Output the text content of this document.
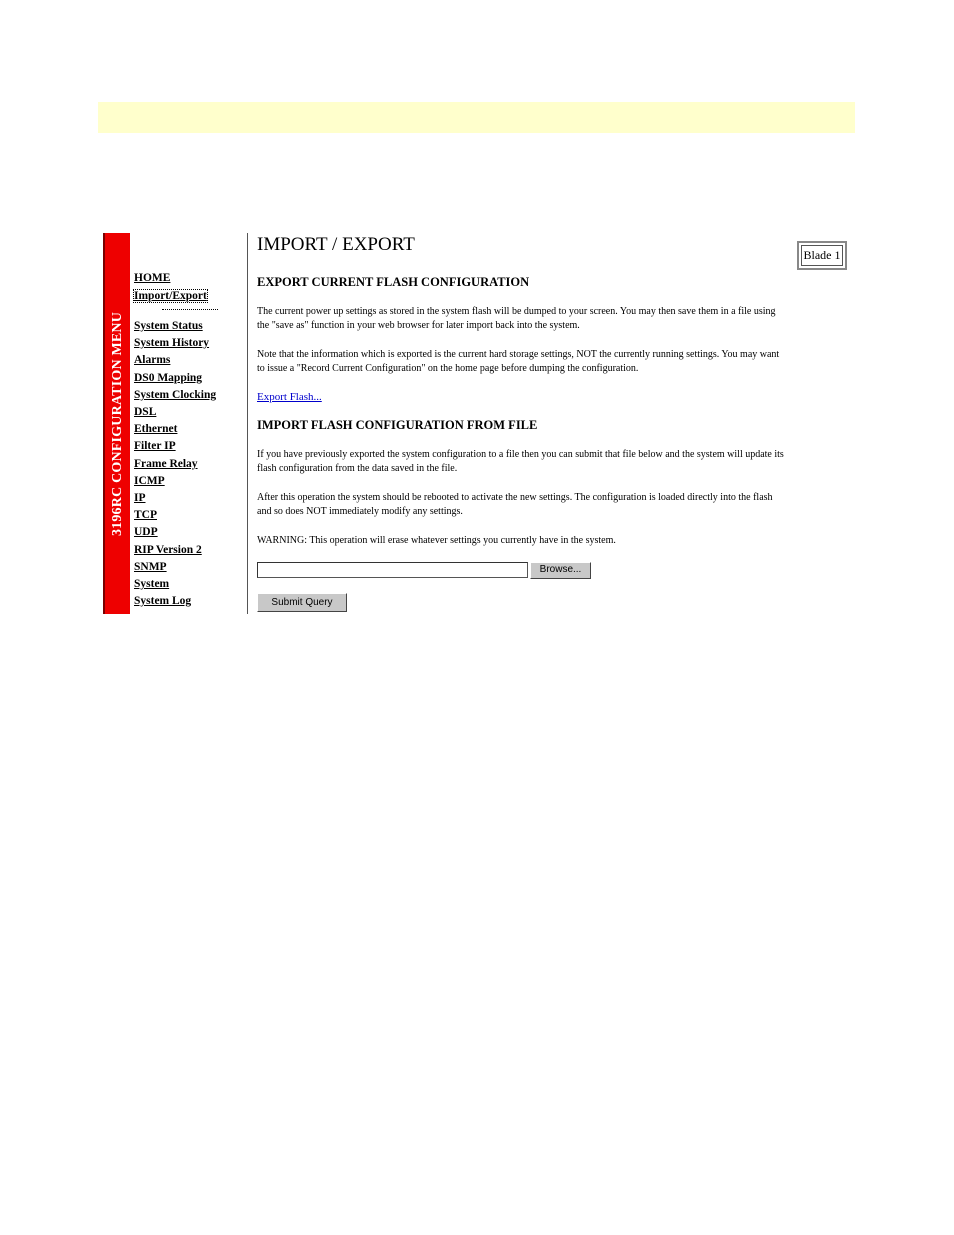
3196RC CONFIGURATION MENU
HOME
Import/Export
System Status
System History
Alarms
DS0 Mapping
System Clocking
DSL
Ethernet
Filter IP
Frame Relay
ICMP
IP
TCP
UDP
RIP Version 2
SNMP
System
System Log
IMPORT / EXPORT	Blade 1
EXPORT CURRENT FLASH CONFIGURATION
The current power up settings as stored in the system flash will be dumped to your screen. You may then save them in a file using
the "save as" function in your web browser for later import back into the system.
Note that the information which is exported is the current hard storage settings, NOT the currently running settings. You may want
to issue a "Record Current Configuration" on the home page before dumping the configuration.
Export Flash...
IMPORT FLASH CONFIGURATION FROM FILE
If you have previously exported the system configuration to a file then you can submit that file below and the system will update its
flash configuration from the data saved in the file.
After this operation the system should be rebooted to activate the new settings. The configuration is loaded directly into the flash
and so does NOT immediately modify any settings.
WARNING: This operation will erase whatever settings you currently have in the system.
Browse...
Submit Query
